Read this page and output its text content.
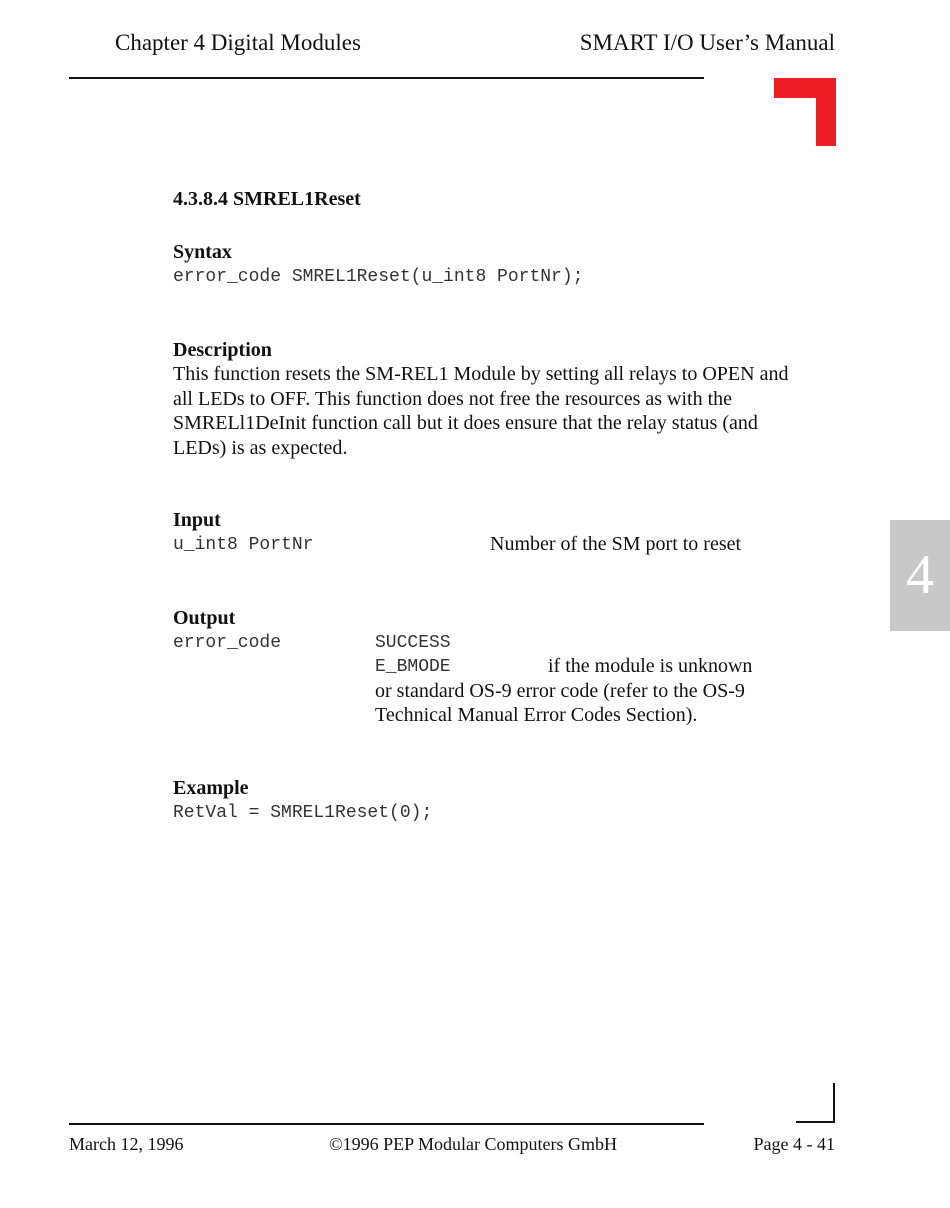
Chapter 4 Digital Modules	SMART I/O User’s Manual
4.3.8.4 SMREL1Reset
Syntax
error_code SMREL1Reset(u_int8 PortNr);
Description
This function resets the SM-REL1 Module by setting all relays to OPEN and
all LEDs to OFF. This function does not free the resources as with the
SMRELl1DeInit function call but it does ensure that the relay status (and
LEDs) is as expected.
Input
u_int8 PortNr	Number of the SM port to reset
Output
error_code	SUCCESS
E_BMODE	if the module is unknown
or standard OS-9 error code (refer to the OS-9
Technical Manual Error Codes Section).
Example
RetVal = SMREL1Reset(0);
4
March 12, 1996	©1996 PEP Modular Computers GmbH	Page 4 - 41
